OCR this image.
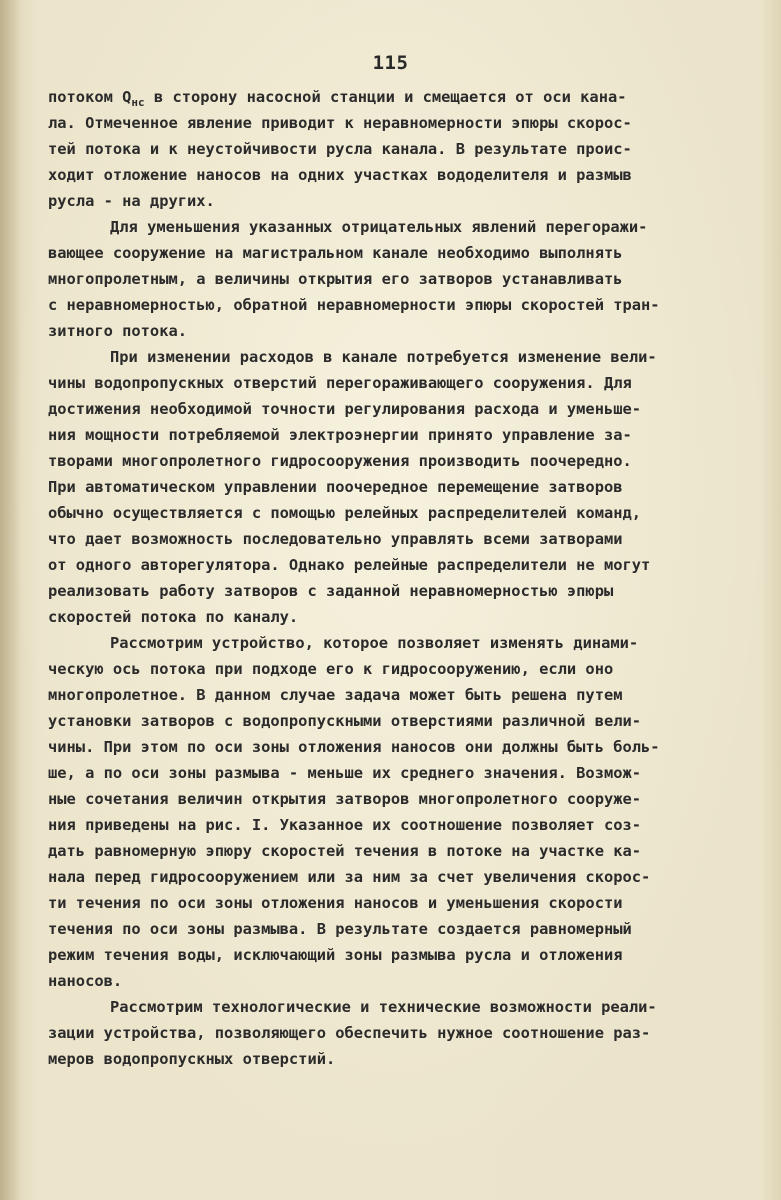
115
потоком $Q_{нс}$ в сторону насосной станции и смещается от оси кана-
ла. Отмеченное явление приводит к неравномерности эпюры скорос-
тей потока и к неустойчивости русла канала. В результате проис-
ходит отложение наносов на одних участках вододелителя и размыв
русла - на других.
Для уменьшения указанных отрицательных явлений перегоражи-
вающее сооружение на магистральном канале необходимо выполнять
многопролетным, а величины открытия его затворов устанавливать
с неравномерностью, обратной неравномерности эпюры скоростей тран-
зитного потока.
При изменении расходов в канале потребуется изменение вели-
чины водопропускных отверстий перегораживающего сооружения. Для
достижения необходимой точности регулирования расхода и уменьше-
ния мощности потребляемой электроэнергии принято управление за-
творами многопролетного гидросооружения производить поочередно.
При автоматическом управлении поочередное перемещение затворов
обычно осуществляется с помощью релейных распределителей команд,
что дает возможность последовательно управлять всеми затворами
от одного авторегулятора. Однако релейные распределители не могут
реализовать работу затворов с заданной неравномерностью эпюры
скоростей потока по каналу.
Рассмотрим устройство, которое позволяет изменять динами-
ческую ось потока при подходе его к гидросооружению, если оно
многопролетное. В данном случае задача может быть решена путем
установки затворов с водопропускными отверстиями различной вели-
чины. При этом по оси зоны отложения наносов они должны быть боль-
ше, а по оси зоны размыва - меньше их среднего значения. Возмож-
ные сочетания величин открытия затворов многопролетного сооруже-
ния приведены на рис. I. Указанное их соотношение позволяет соз-
дать равномерную эпюру скоростей течения в потоке на участке ка-
нала перед гидросооружением или за ним за счет увеличения скорос-
ти течения по оси зоны отложения наносов и уменьшения скорости
течения по оси зоны размыва. В результате создается равномерный
режим течения воды, исключающий зоны размыва русла и отложения
наносов.
Рассмотрим технологические и технические возможности реали-
зации устройства, позволяющего обеспечить нужное соотношение раз-
меров водопропускных отверстий.
